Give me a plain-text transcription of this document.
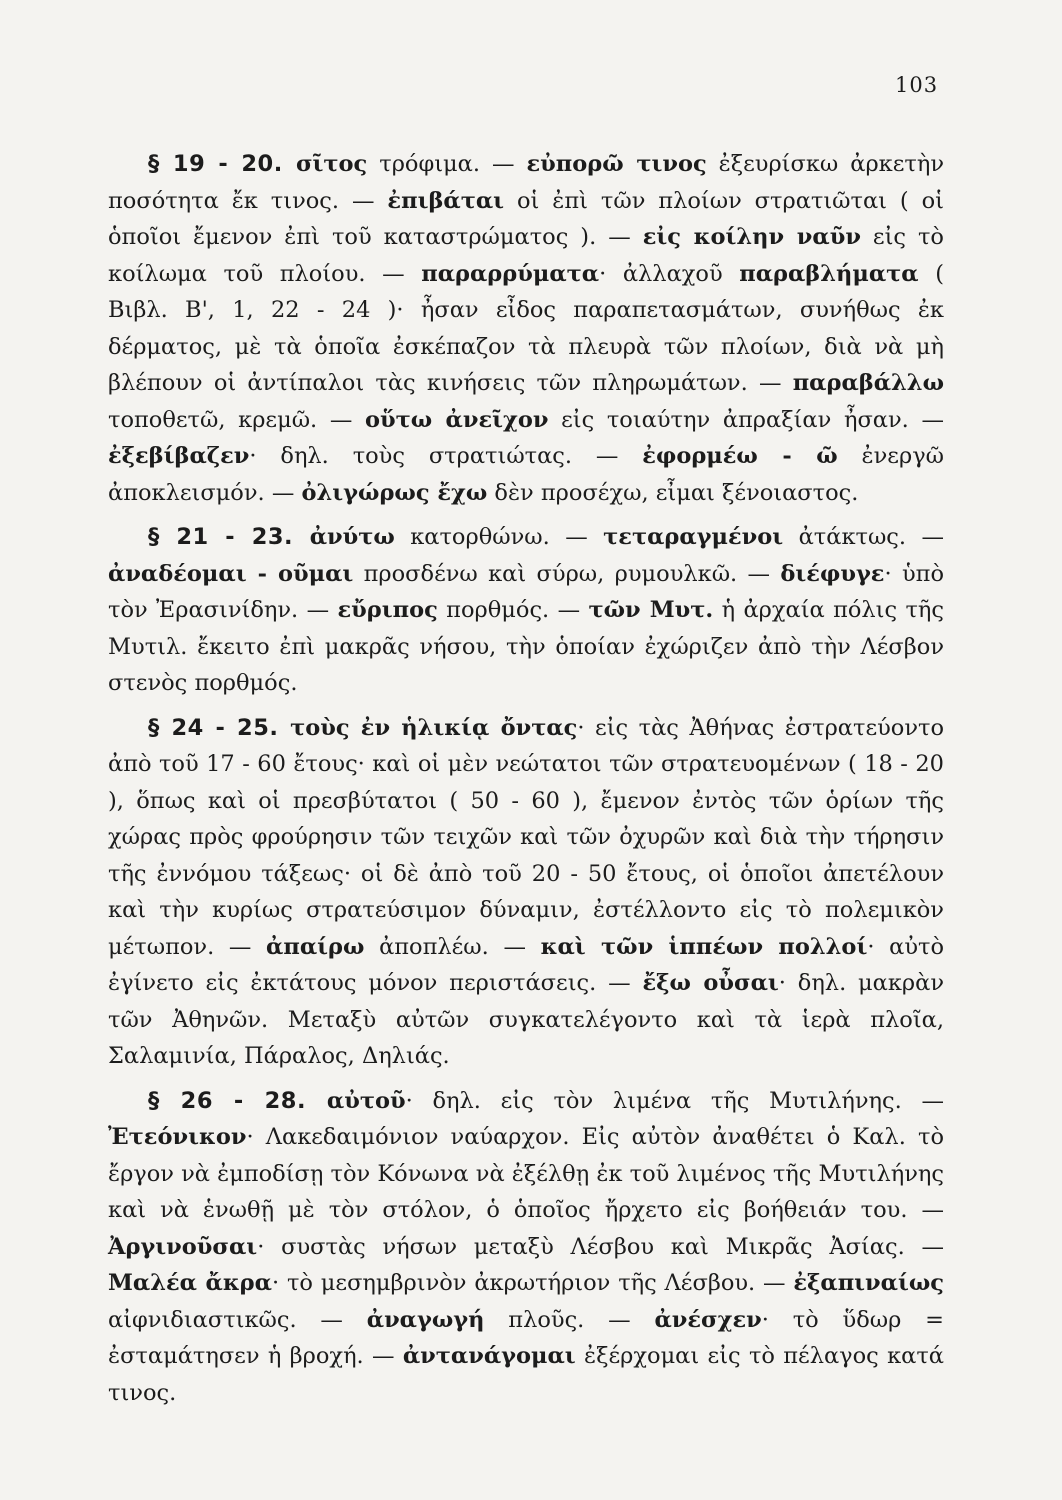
103

§ 19 - 20. σῖτος τρόφιμα. — εὐπορῶ τινος ἐξευρίσκω ἀρκετὴν ποσότητα ἔκ τινος. — ἐπιβάται οἱ ἐπὶ τῶν πλοίων στρατιῶται ( οἱ ὁποῖοι ἔμενον ἐπὶ τοῦ καταστρώματος ). — εἰς κοίλην ναῦν εἰς τὸ κοίλωμα τοῦ πλοίου. — παραρρύματα· ἀλλαχοῦ παραβλήματα ( Βιβλ. Β', 1, 22 - 24 )· ἦσαν εἶδος παραπετασμάτων, συνήθως ἐκ δέρματος, μὲ τὰ ὁποῖα ἐσκέπαζον τὰ πλευρὰ τῶν πλοίων, διὰ νὰ μὴ βλέπουν οἱ ἀντίπαλοι τὰς κινήσεις τῶν πληρωμάτων. — παραβάλλω τοποθετῶ, κρεμῶ. — οὕτω ἀνεῖχον εἰς τοιαύτην ἀπραξίαν ἦσαν. — ἐξεβίβαζεν· δηλ. τοὺς στρατιώτας. — ἐφορμέω - ῶ ἐνεργῶ ἀποκλεισμόν. — ὀλιγώρως ἔχω δὲν προσέχω, εἶμαι ξένοιαστος.

§ 21 - 23. ἀνύτω κατορθώνω. — τεταραγμένοι ἀτάκτως. — ἀναδέομαι - οῦμαι προσδένω καὶ σύρω, ρυμουλκῶ. — διέφυγε· ὑπὸ τὸν Ἐρασινίδην. — εὔριπος πορθμός. — τῶν Μυτ. ἡ ἀρχαία πόλις τῆς Μυτιλ. ἔκειτο ἐπὶ μακρᾶς νήσου, τὴν ὁποίαν ἐχώριζεν ἀπὸ τὴν Λέσβον στενὸς πορθμός.

§ 24 - 25. τοὺς ἐν ἡλικίᾳ ὄντας· εἰς τὰς Ἀθήνας ἐστρατεύοντο ἀπὸ τοῦ 17 - 60 ἔτους· καὶ οἱ μὲν νεώτατοι τῶν στρατευομένων ( 18 - 20 ), ὅπως καὶ οἱ πρεσβύτατοι ( 50 - 60 ), ἔμενον ἐντὸς τῶν ὁρίων τῆς χώρας πρὸς φρούρησιν τῶν τειχῶν καὶ τῶν ὀχυρῶν καὶ διὰ τὴν τήρησιν τῆς ἐννόμου τάξεως· οἱ δὲ ἀπὸ τοῦ 20 - 50 ἔτους, οἱ ὁποῖοι ἀπετέλουν καὶ τὴν κυρίως στρατεύσιμον δύναμιν, ἐστέλλοντο εἰς τὸ πολεμικὸν μέτωπον. — ἀπαίρω ἀποπλέω. — καὶ τῶν ἱππέων πολλοί· αὐτὸ ἐγίνετο εἰς ἐκτάτους μόνον περιστάσεις. — ἔξω οὖσαι· δηλ. μακρὰν τῶν Ἀθηνῶν. Μεταξὺ αὐτῶν συγκατελέγοντο καὶ τὰ ἱερὰ πλοῖα, Σαλαμινία, Πάραλος, Δηλιάς.

§ 26 - 28. αὐτοῦ· δηλ. εἰς τὸν λιμένα τῆς Μυτιλήνης. — Ἐτεόνικον· Λακεδαιμόνιον ναύαρχον. Εἰς αὐτὸν ἀναθέτει ὁ Καλ. τὸ ἔργον νὰ ἐμποδίσῃ τὸν Κόνωνα νὰ ἐξέλθῃ ἐκ τοῦ λιμένος τῆς Μυτιλήνης καὶ νὰ ἑνωθῇ μὲ τὸν στόλον, ὁ ὁποῖος ἤρχετο εἰς βοήθειάν του. — Ἀργινοῦσαι· συστὰς νήσων μεταξὺ Λέσβου καὶ Μικρᾶς Ἀσίας. — Μαλέα ἄκρα· τὸ μεσημβρινὸν ἀκρωτήριον τῆς Λέσβου. — ἐξαπιναίως αἰφνιδιαστικῶς. — ἀναγωγή πλοῦς. — ἀνέσχεν· τὸ ὕδωρ = ἐσταμάτησεν ἡ βροχή. — ἀντανάγομαι ἐξέρχομαι εἰς τὸ πέλαγος κατά τινος.
